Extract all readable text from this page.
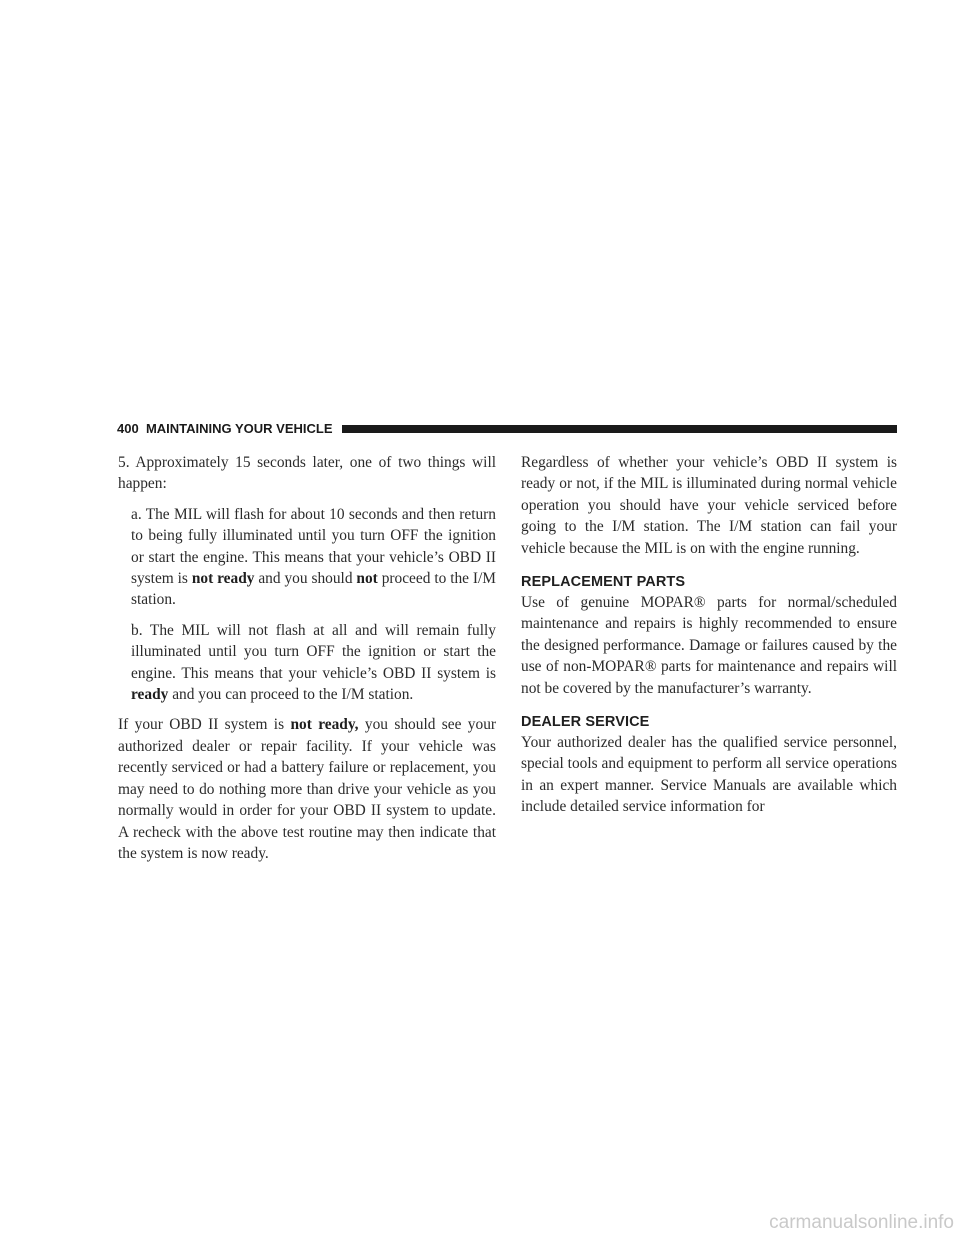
400 MAINTAINING YOUR VEHICLE

5. Approximately 15 seconds later, one of two things will happen:

a. The MIL will flash for about 10 seconds and then return to being fully illuminated until you turn OFF the ignition or start the engine. This means that your vehicle’s OBD II system is not ready and you should not proceed to the I/M station.

b. The MIL will not flash at all and will remain fully illuminated until you turn OFF the ignition or start the engine. This means that your vehicle’s OBD II system is ready and you can proceed to the I/M station.

If your OBD II system is not ready, you should see your authorized dealer or repair facility. If your vehicle was recently serviced or had a battery failure or replacement, you may need to do nothing more than drive your vehicle as you normally would in order for your OBD II system to update. A recheck with the above test routine may then indicate that the system is now ready.

Regardless of whether your vehicle’s OBD II system is ready or not, if the MIL is illuminated during normal vehicle operation you should have your vehicle serviced before going to the I/M station. The I/M station can fail your vehicle because the MIL is on with the engine running.

REPLACEMENT PARTS

Use of genuine MOPAR® parts for normal/scheduled maintenance and repairs is highly recommended to ensure the designed performance. Damage or failures caused by the use of non-MOPAR® parts for maintenance and repairs will not be covered by the manufacturer’s warranty.

DEALER SERVICE

Your authorized dealer has the qualified service personnel, special tools and equipment to perform all service operations in an expert manner. Service Manuals are available which include detailed service information for

carmanualsonline.info
